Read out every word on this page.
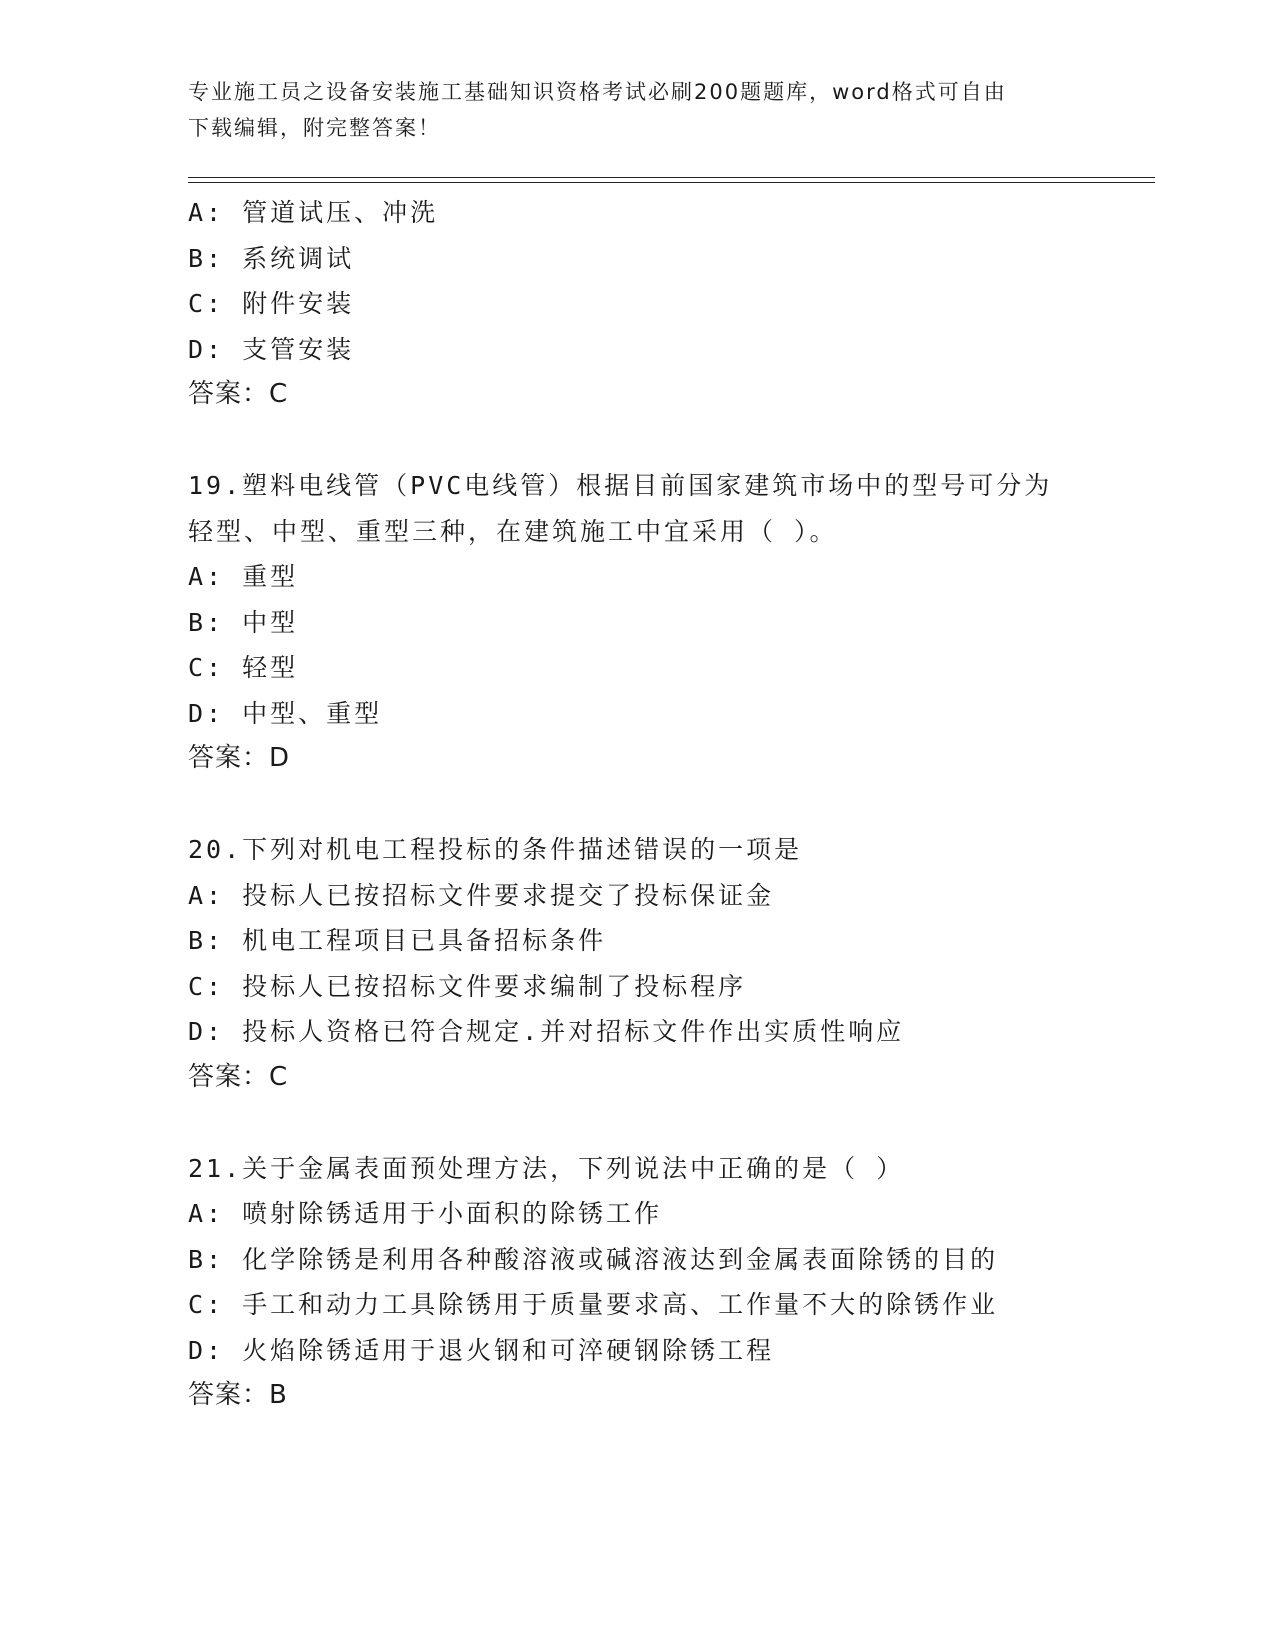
专业施工员之设备安装施工基础知识资格考试必刷200题题库，word格式可自由
下载编辑，附完整答案！
A: 管道试压、冲洗
B: 系统调试
C: 附件安装
D: 支管安装
答案：C
19.塑料电线管（PVC电线管）根据目前国家建筑市场中的型号可分为
轻型、中型、重型三种，在建筑施工中宜采用（ ）。
A: 重型
B: 中型
C: 轻型
D: 中型、重型
答案：D
20.下列对机电工程投标的条件描述错误的一项是
A: 投标人已按招标文件要求提交了投标保证金
B: 机电工程项目已具备招标条件
C: 投标人已按招标文件要求编制了投标程序
D: 投标人资格已符合规定.并对招标文件作出实质性响应
答案：C
21.关于金属表面预处理方法，下列说法中正确的是（ ）
A: 喷射除锈适用于小面积的除锈工作
B: 化学除锈是利用各种酸溶液或碱溶液达到金属表面除锈的目的
C: 手工和动力工具除锈用于质量要求高、工作量不大的除锈作业
D: 火焰除锈适用于退火钢和可淬硬钢除锈工程
答案：B
